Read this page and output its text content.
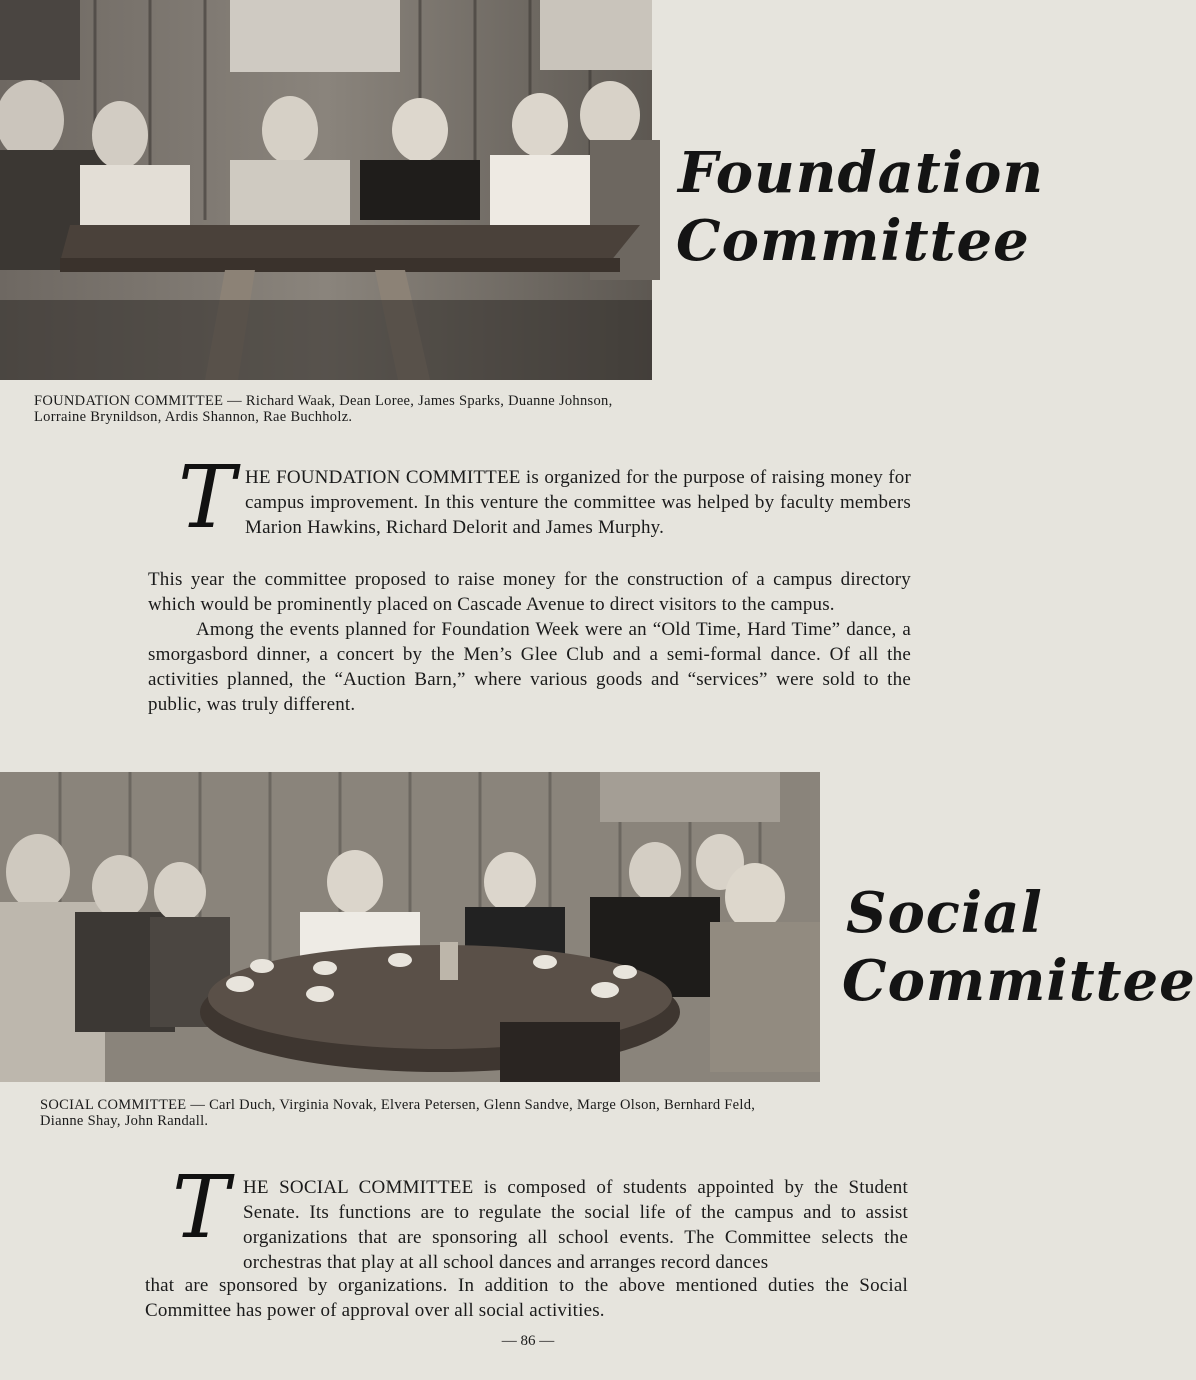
Foundation
Committee
FOUNDATION COMMITTEE — Richard Waak, Dean Loree, James Sparks, Duanne Johnson, Lorraine Brynildson, Ardis Shannon, Rae Buchholz.
T HE FOUNDATION COMMITTEE is organized for the purpose of raising money for campus improvement. In this venture the committee was helped by faculty members Marion Hawkins, Richard Delorit and James Murphy.

This year the committee proposed to raise money for the construction of a campus directory which would be prominently placed on Cascade Avenue to direct visitors to the campus.

Among the events planned for Foundation Week were an “Old Time, Hard Time” dance, a smorgasbord dinner, a concert by the Men’s Glee Club and a semi-formal dance. Of all the activities planned, the “Auction Barn,” where various goods and “services” were sold to the public, was truly different.

Social
Committee
SOCIAL COMMITTEE — Carl Duch, Virginia Novak, Elvera Petersen, Glenn Sandve, Marge Olson, Bernhard Feld, Dianne Shay, John Randall.
T HE SOCIAL COMMITTEE is composed of students appointed by the Student Senate. Its functions are to regulate the social life of the campus and to assist organizations that are sponsoring all school events. The Committee selects the orchestras that play at all school dances and arranges record dances

that are sponsored by organizations. In addition to the above mentioned duties the Social Committee has power of approval over all social activities.

— 86 —
